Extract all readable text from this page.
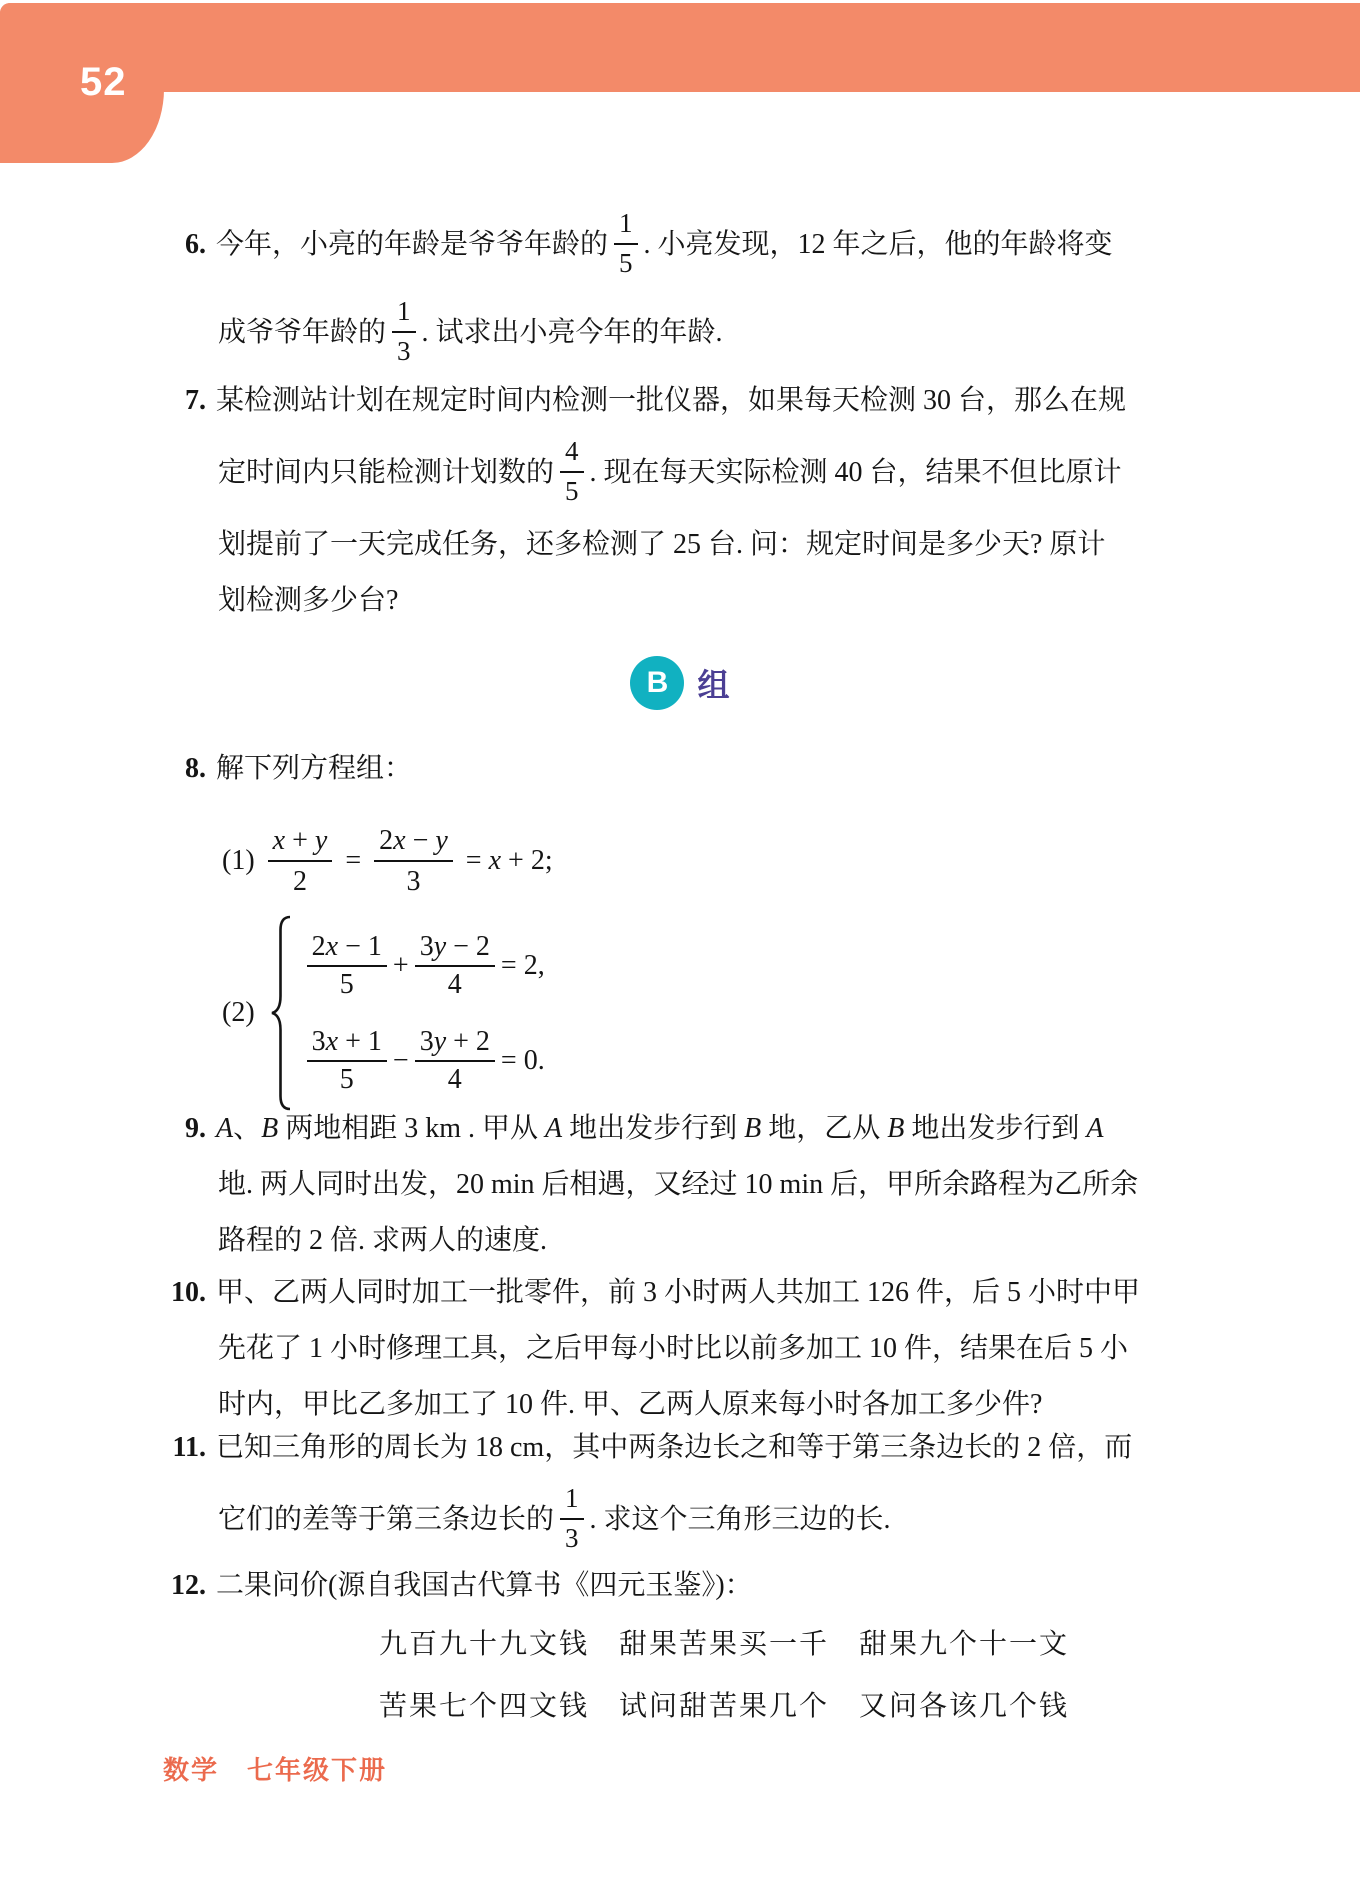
52
B 组
6. 今年，小亮的年龄是爷爷年龄的 $\frac{1}{5}$ . 小亮发现，12 年之后，他的年龄将变
成爷爷年龄的 $\frac{1}{3}$ . 试求出小亮今年的年龄.
7. 某检测站计划在规定时间内检测一批仪器，如果每天检测 30 台，那么在规
定时间内只能检测计划数的 $\frac{4}{5}$ . 现在每天实际检测 40 台，结果不但比原计
划提前了一天完成任务，还多检测了 25 台. 问：规定时间是多少天? 原计
划检测多少台?
8. 解下列方程组：
$(1) \frac{x + y}{2} = \frac{2 x - y}{3} = x + 2$;
(2)
$\frac{2 x - 1}{5} + \frac{3 y - 2}{4} = 2$,
$\frac{3 x + 1}{5} - \frac{3 y + 2}{4} = 0$.
9. A 、 B 两地相距 3 km . 甲从 A 地出发步行到 B 地，乙从 B 地出发步行到 A
地. 两人同时出发，20 min 后相遇，又经过 10 min 后，甲所余路程为乙所余
路程的 2 倍. 求两人的速度.
10. 甲、乙两人同时加工一批零件，前 3 小时两人共加工 126 件，后 5 小时中甲
先花了 1 小时修理工具，之后甲每小时比以前多加工 10 件，结果在后 5 小
时内，甲比乙多加工了 10 件. 甲、乙两人原来每小时各加工多少件?
11. 已知三角形的周长为 18 cm，其中两条边长之和等于第三条边长的 2 倍，而
它们的差等于第三条边长的 $\frac{1}{3}$ . 求这个三角形三边的长.
12. 二果问价(源自我国古代算书《四元玉鉴》)：
九百九十九文钱　甜果苦果买一千　甜果九个十一文
苦果七个四文钱　试问甜苦果几个　又问各该几个钱
数学　七年级下册
